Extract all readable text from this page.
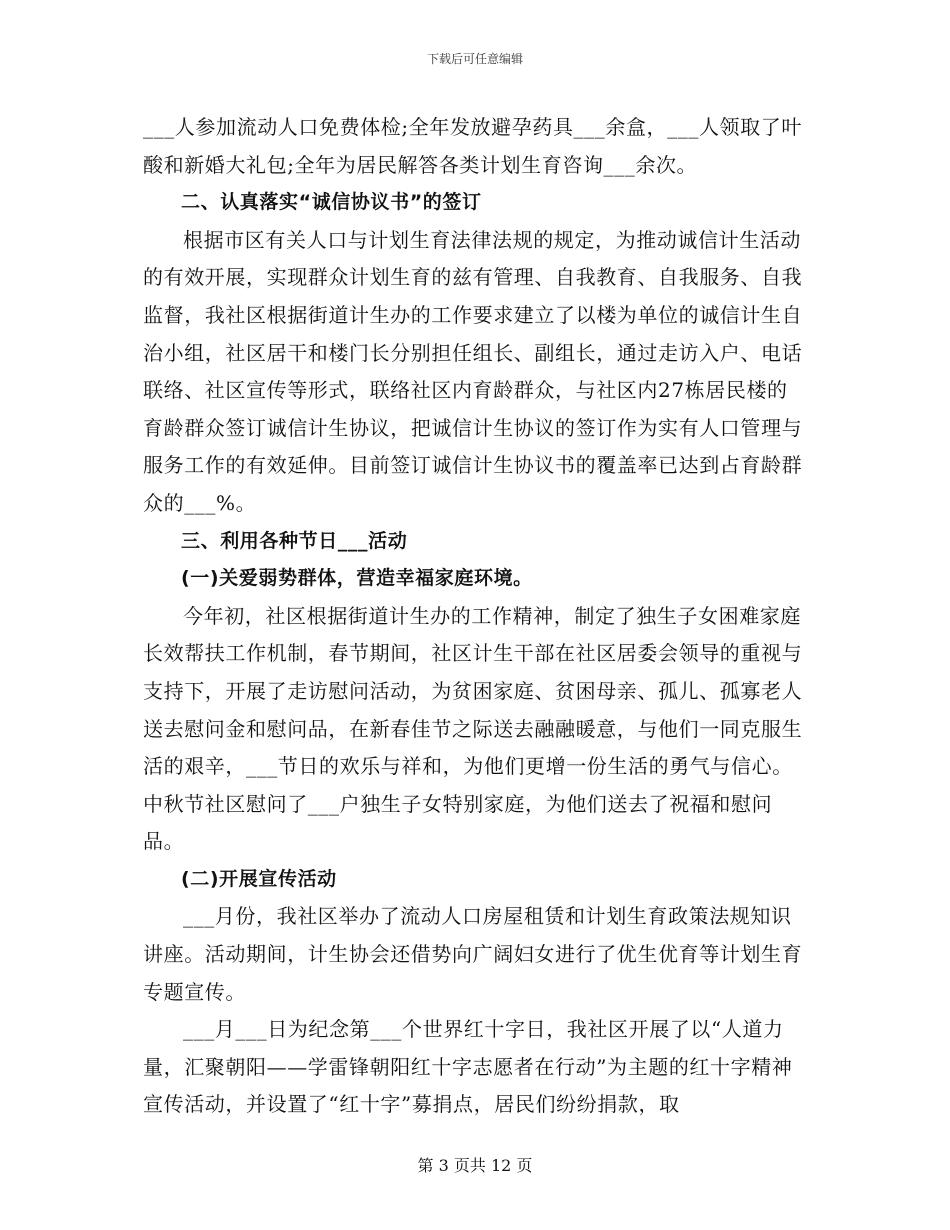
下载后可任意编辑

___人参加流动人口免费体检;全年发放避孕药具___余盒，___人领取了叶酸和新婚大礼包;全年为居民解答各类计划生育咨询___余次。

二、认真落实“诚信协议书”的签订

根据市区有关人口与计划生育法律法规的规定，为推动诚信计生活动的有效开展，实现群众计划生育的兹有管理、自我教育、自我服务、自我监督，我社区根据街道计生办的工作要求建立了以楼为单位的诚信计生自治小组，社区居干和楼门长分别担任组长、副组长，通过走访入户、电话联络、社区宣传等形式，联络社区内育龄群众，与社区内27栋居民楼的育龄群众签订诚信计生协议，把诚信计生协议的签订作为实有人口管理与服务工作的有效延伸。目前签订诚信计生协议书的覆盖率已达到占育龄群众的___%。

三、利用各种节日___活动

(一)关爱弱势群体，营造幸福家庭环境。

今年初，社区根据街道计生办的工作精神，制定了独生子女困难家庭长效帮扶工作机制，春节期间，社区计生干部在社区居委会领导的重视与支持下，开展了走访慰问活动，为贫困家庭、贫困母亲、孤儿、孤寡老人送去慰问金和慰问品，在新春佳节之际送去融融暖意，与他们一同克服生活的艰辛，___节日的欢乐与祥和，为他们更增一份生活的勇气与信心。中秋节社区慰问了___户独生子女特别家庭，为他们送去了祝福和慰问品。

(二)开展宣传活动

___月份，我社区举办了流动人口房屋租赁和计划生育政策法规知识讲座。活动期间，计生协会还借势向广阔妇女进行了优生优育等计划生育专题宣传。

___月___日为纪念第___个世界红十字日，我社区开展了以“人道力量，汇聚朝阳——学雷锋朝阳红十字志愿者在行动”为主题的红十字精神宣传活动，并设置了“红十字”募捐点，居民们纷纷捐款，取

第 3 页共 12 页
